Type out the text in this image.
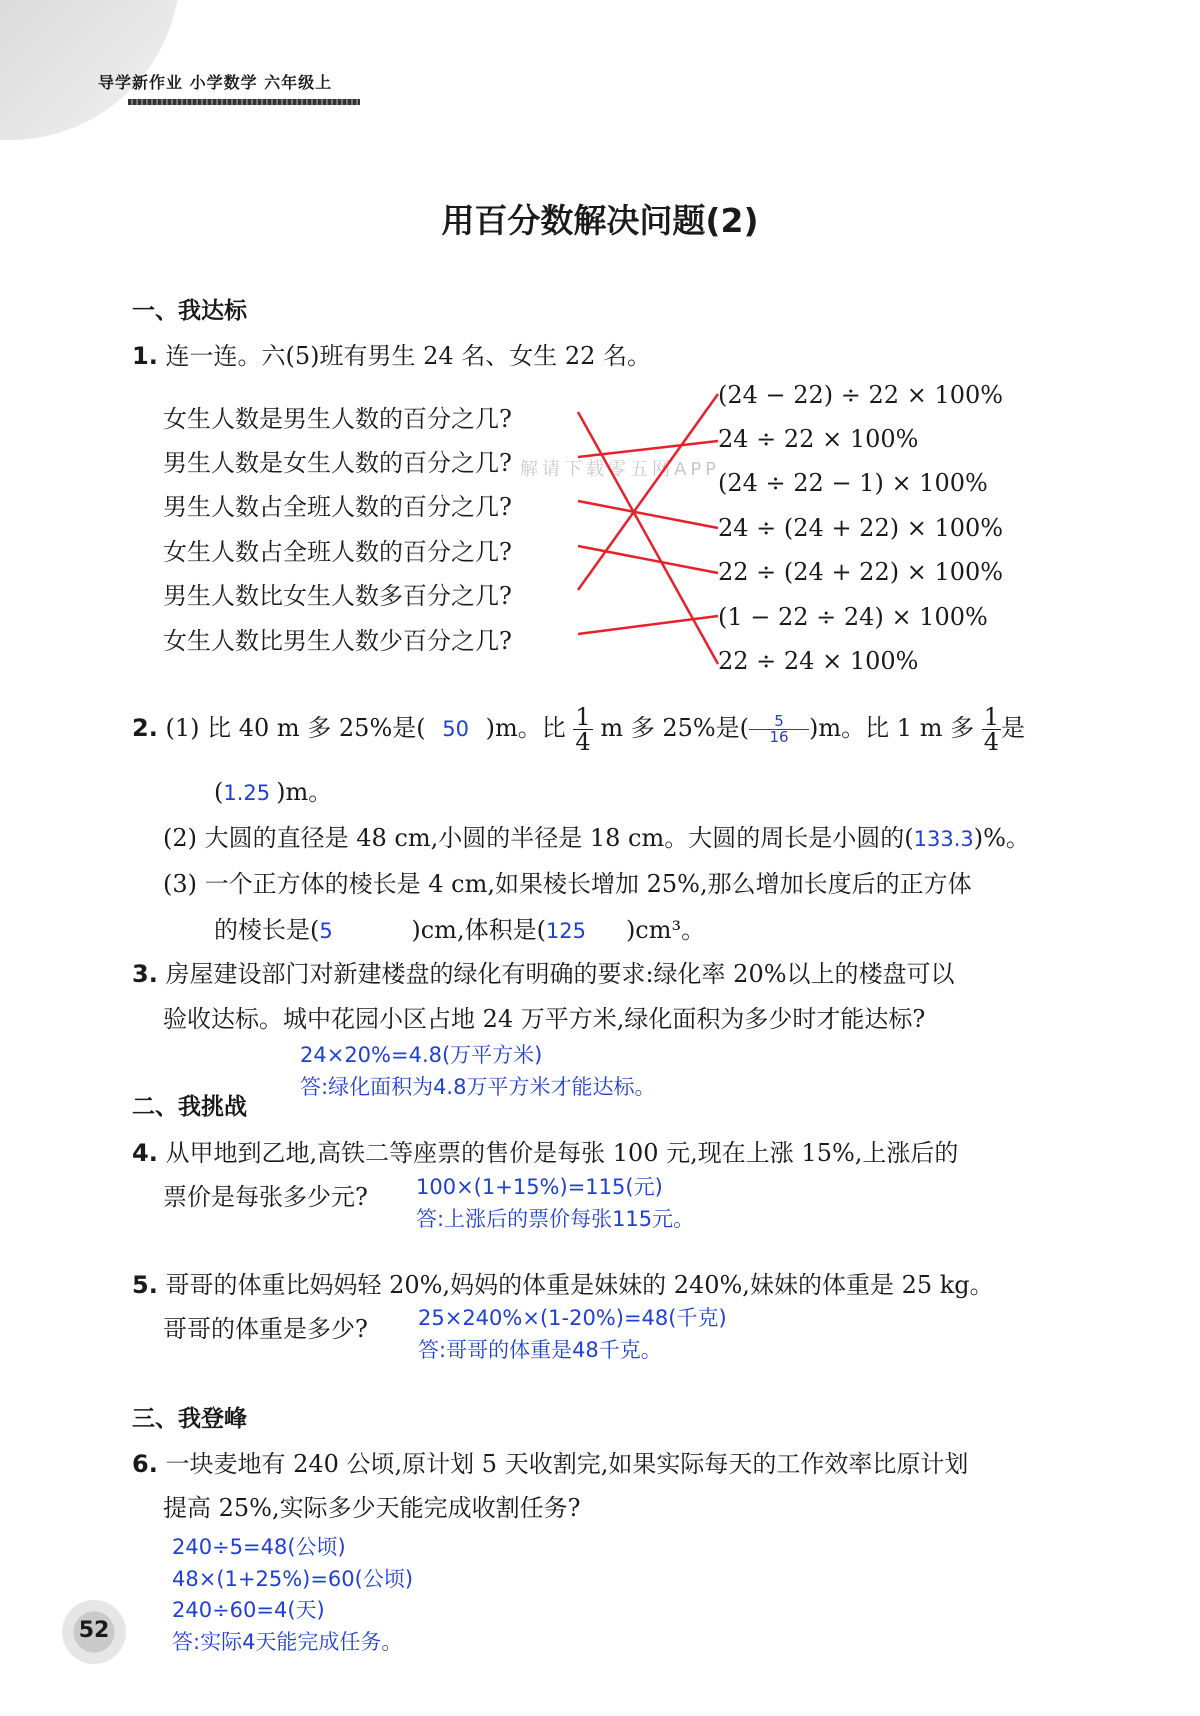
导学新作业 小学数学 六年级上
用百分数解决问题(2)
一、我达标
1. 连一连。六(5)班有男生 24 名、女生 22 名。
女生人数是男生人数的百分之几?
男生人数是女生人数的百分之几?
男生人数占全班人数的百分之几?
女生人数占全班人数的百分之几?
男生人数比女生人数多百分之几?
女生人数比男生人数少百分之几?
(24 − 22) ÷ 22 × 100%
24 ÷ 22 × 100%
(24 ÷ 22 − 1) × 100%
24 ÷ (24 + 22) × 100%
22 ÷ (24 + 22) × 100%
(1 − 22 ÷ 24) × 100%
22 ÷ 24 × 100%
解请下载零五网APP
2. (1) 比 40 m 多 25%是( 50 )m。比 $\frac{1}{4}$ m 多 25%是( $\frac{5}{16} )m$。比 1 m 多 $\frac{1}{4}$ 是
(1.25 )m。
(2) 大圆的直径是 48 cm,小圆的半径是 18 cm。大圆的周长是小圆的(133.3)%。
(3) 一个正方体的棱长是 4 cm,如果棱长增加 25%,那么增加长度后的正方体
的棱长是(5	)cm,体积是(125 )cm³。
3. 房屋建设部门对新建楼盘的绿化有明确的要求:绿化率 20%以上的楼盘可以
验收达标。城中花园小区占地 24 万平方米,绿化面积为多少时才能达标?
24×20%=4.8(万平方米)
答:绿化面积为4.8万平方米才能达标。
二、我挑战
4. 从甲地到乙地,高铁二等座票的售价是每张 100 元,现在上涨 15%,上涨后的
票价是每张多少元? 100×(1+15%)=115(元)
答:上涨后的票价每张115元。
5. 哥哥的体重比妈妈轻 20%,妈妈的体重是妹妹的 240%,妹妹的体重是 25 kg。
哥哥的体重是多少? 25×240%×(1-20%)=48(千克)
答:哥哥的体重是48千克。
三、我登峰
6. 一块麦地有 240 公顷,原计划 5 天收割完,如果实际每天的工作效率比原计划
提高 25%,实际多少天能完成收割任务?
240÷5=48(公顷)
48×(1+25%)=60(公顷)
240÷60=4(天)
答:实际4天能完成任务。
52
